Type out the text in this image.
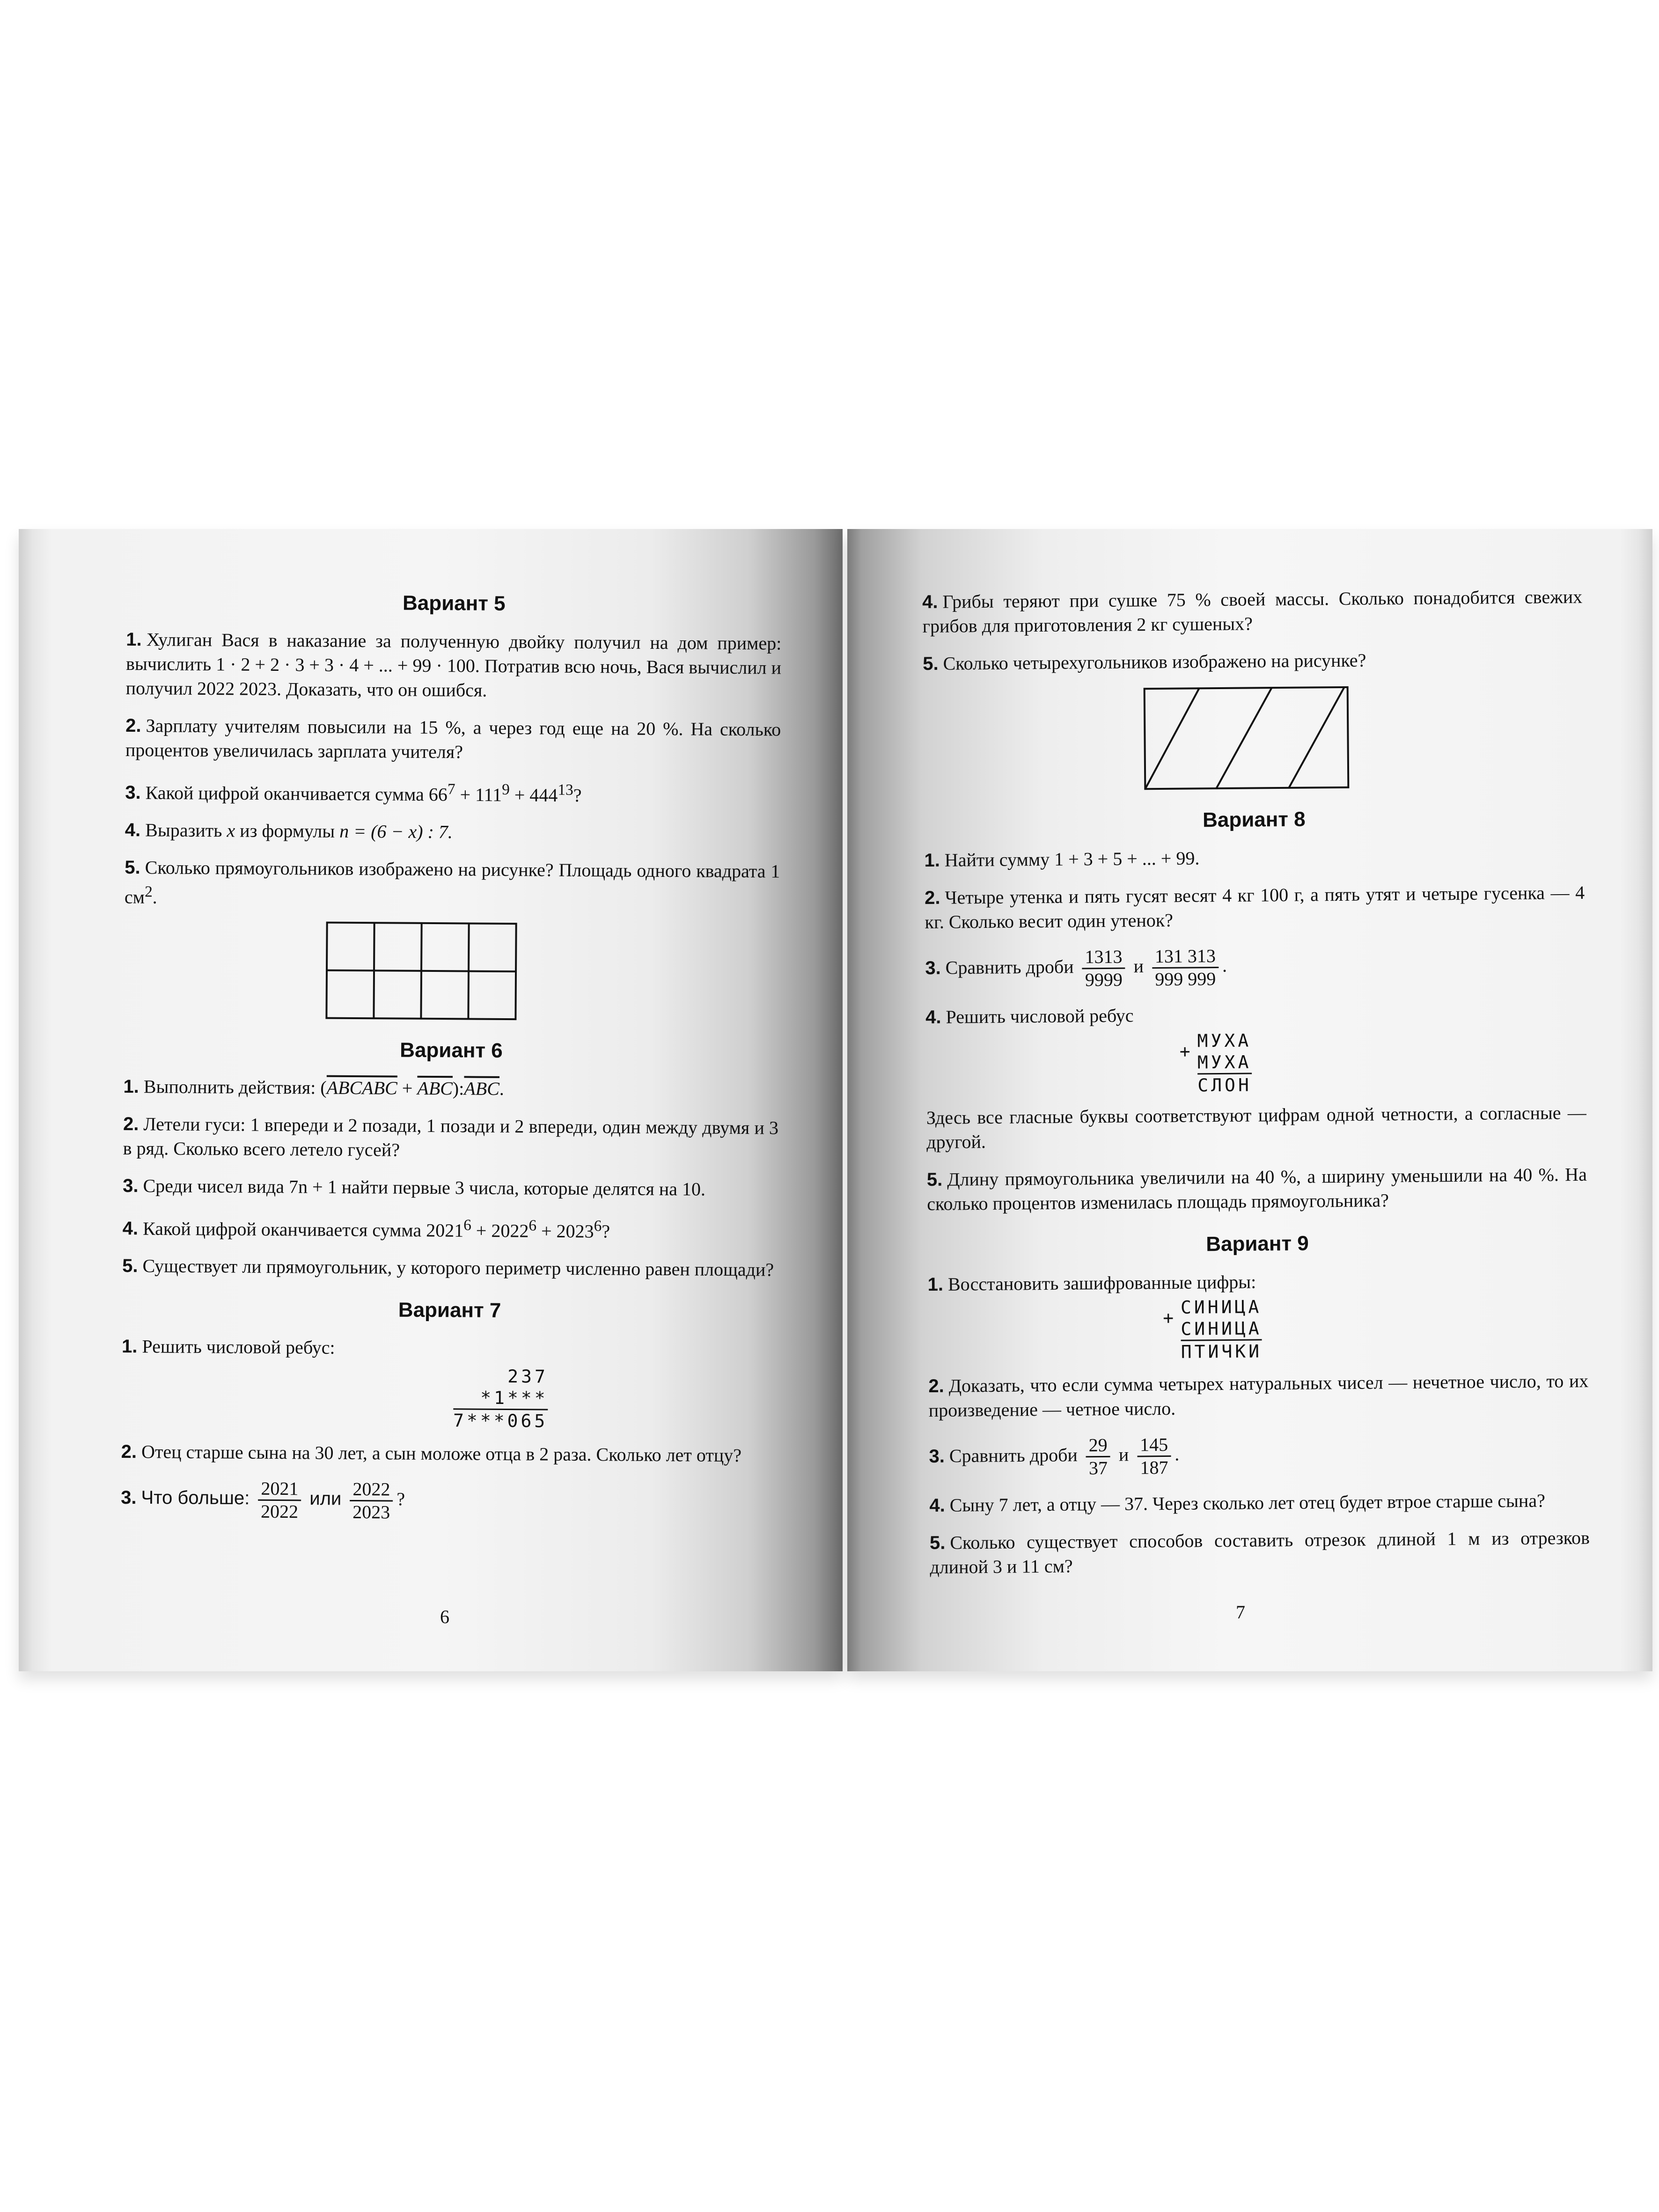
Вариант 5

1. Хулиган Вася в наказание за полученную двойку получил на дом пример: вычислить 1 · 2 + 2 · 3 + 3 · 4 + ... + 99 · 100. Потратив всю ночь, Вася вычислил и получил 2022 2023. Доказать, что он ошибся.

2. Зарплату учителям повысили на 15 %, а через год еще на 20 %. На сколько процентов увеличилась зарплата учителя?

3. Какой цифрой оканчивается сумма $66^7 + 111^9 + 444^{13}$?

4. Выразить x из формулы n = (6 − x) : 7.

5. Сколько прямоугольников изображено на рисунке? Площадь одного квадрата 1 $см^2$.

Вариант 6

1. Выполнить действия: (ABCABC + $\overline{ABC}):\overline{ABC}$.

2. Летели гуси: 1 впереди и 2 позади, 1 позади и 2 впереди, один между двумя и 3 в ряд. Сколько всего летело гусей?

3. Среди чисел вида 7n + 1 найти первые 3 числа, которые делятся на 10.

4. Какой цифрой оканчивается сумма $2021^6 + 2022^6 + 2023^6$?

5. Существует ли прямоугольник, у которого периметр численно равен площади?

Вариант 7

1. Решить числовой ребус:

237
*1***
7***065

2. Отец старше сына на 30 лет, а сын моложе отца в 2 раза. Сколько лет отцу?

3. Что больше: $\frac{2021}{2022}$ или $\frac{2022}{2023}$ ?

6

4. Грибы теряют при сушке 75 % своей массы. Сколько понадобится свежих грибов для приготовления 2 кг сушеных?

5. Сколько четырехугольников изображено на рисунке?

Вариант 8

1. Найти сумму 1 + 3 + 5 + ... + 99.

2. Четыре утенка и пять гусят весят 4 кг 100 г, а пять утят и четыре гусенка — 4 кг. Сколько весит один утенок?

3. Сравнить дроби $\frac{1313}{9999}$ и $\frac{131 313}{999 999}$ .

4. Решить числовой ребус

+
МУХА
МУХА
СЛОН

Здесь все гласные буквы соответствуют цифрам одной четности, а согласные — другой.

5. Длину прямоугольника увеличили на 40 %, а ширину уменьшили на 40 %. На сколько процентов изменилась площадь прямоугольника?

Вариант 9

1. Восстановить зашифрованные цифры:

+
СИНИЦА
СИНИЦА
ПТИЧКИ

2. Доказать, что если сумма четырех натуральных чисел — нечетное число, то их произведение — четное число.

3. Сравнить дроби $\frac{29}{37}$ и $\frac{145}{187}$ .

4. Сыну 7 лет, а отцу — 37. Через сколько лет отец будет втрое старше сына?

5. Сколько существует способов составить отрезок длиной 1 м из отрезков длиной 3 и 11 см?

7
